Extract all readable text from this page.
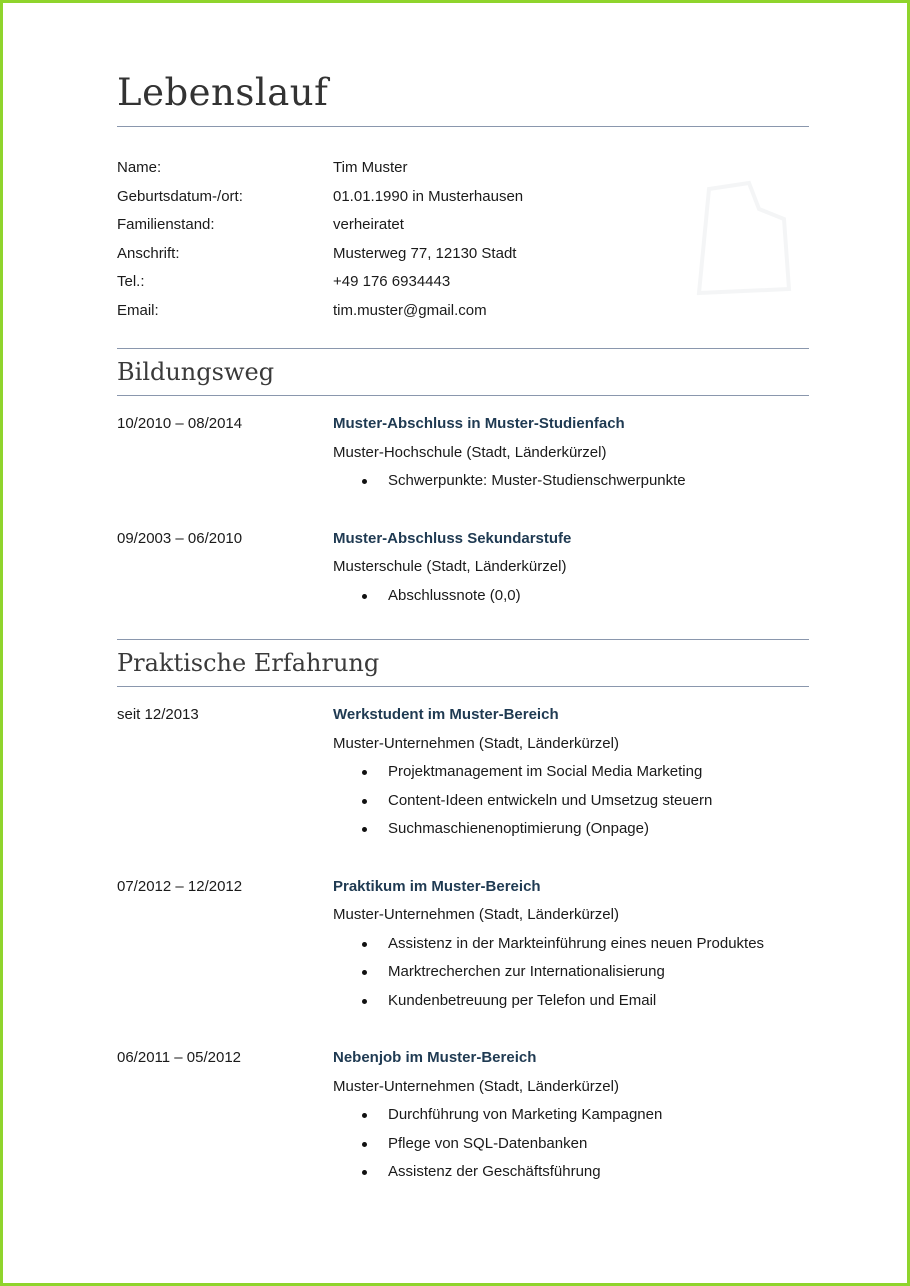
Lebenslauf
Name:	Tim Muster
Geburtsdatum-/ort:	01.01.1990 in Musterhausen
Familienstand:	verheiratet
Anschrift:	Musterweg 77, 12130 Stadt
Tel.:	+49 176 6934443
Email:	tim.muster@gmail.com
Bildungsweg
10/2010 – 08/2014	Muster-Abschluss in Muster-Studienfach
Muster-Hochschule (Stadt, Länderkürzel)
Schwerpunkte: Muster-Studienschwerpunkte
09/2003 – 06/2010	Muster-Abschluss Sekundarstufe
Musterschule (Stadt, Länderkürzel)
Abschlussnote (0,0)
Praktische Erfahrung
seit 12/2013	Werkstudent im Muster-Bereich
Muster-Unternehmen (Stadt, Länderkürzel)
Projektmanagement im Social Media Marketing
Content-Ideen entwickeln und Umsetzug steuern
Suchmaschienenoptimierung (Onpage)
07/2012 – 12/2012	Praktikum im Muster-Bereich
Muster-Unternehmen (Stadt, Länderkürzel)
Assistenz in der Markteinführung eines neuen Produktes
Marktrecherchen zur Internationalisierung
Kundenbetreuung per Telefon und Email
06/2011 – 05/2012	Nebenjob im Muster-Bereich
Muster-Unternehmen (Stadt, Länderkürzel)
Durchführung von Marketing Kampagnen
Pflege von SQL-Datenbanken
Assistenz der Geschäftsführung
